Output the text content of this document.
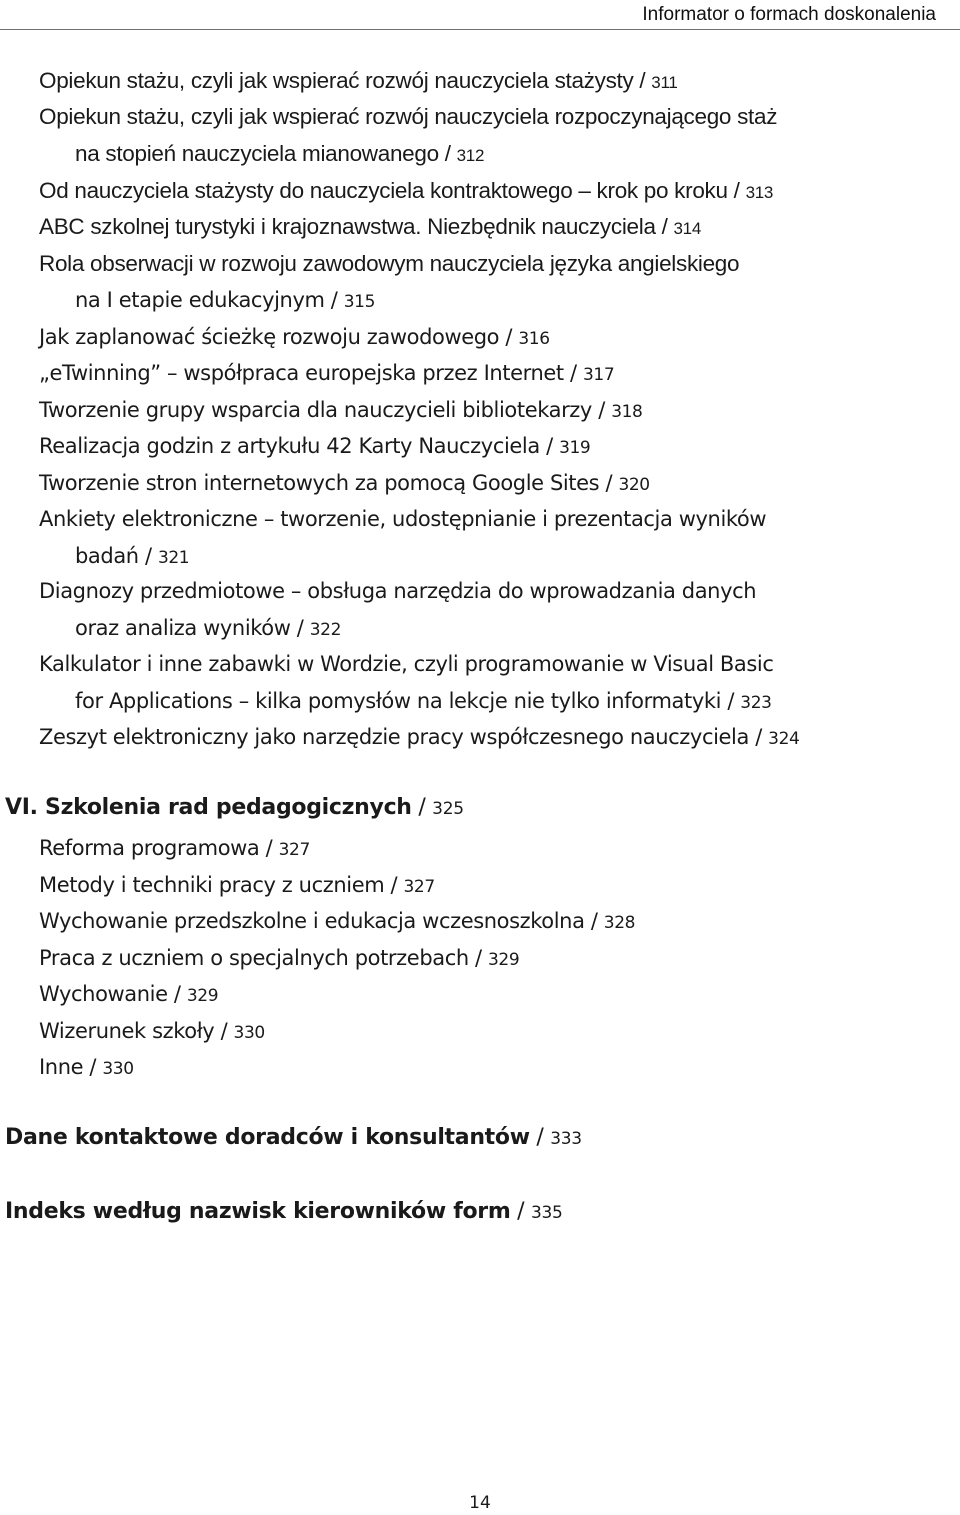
Informator o formach doskonalenia
Opiekun stażu, czyli jak wspierać rozwój nauczyciela stażysty / 311
Opiekun stażu, czyli jak wspierać rozwój nauczyciela rozpoczynającego staż
na stopień nauczyciela mianowanego / 312
Od nauczyciela stażysty do nauczyciela kontraktowego – krok po kroku / 313
ABC szkolnej turystyki i krajoznawstwa. Niezbędnik nauczyciela / 314
Rola obserwacji w rozwoju zawodowym nauczyciela języka angielskiego
na I etapie edukacyjnym / 315
Jak zaplanować ścieżkę rozwoju zawodowego / 316
„eTwinning” – współpraca europejska przez Internet / 317
Tworzenie grupy wsparcia dla nauczycieli bibliotekarzy / 318
Realizacja godzin z artykułu 42 Karty Nauczyciela / 319
Tworzenie stron internetowych za pomocą Google Sites / 320
Ankiety elektroniczne – tworzenie, udostępnianie i prezentacja wyników
badań / 321
Diagnozy przedmiotowe – obsługa narzędzia do wprowadzania danych
oraz analiza wyników / 322
Kalkulator i inne zabawki w Wordzie, czyli programowanie w Visual Basic
for Applications – kilka pomysłów na lekcje nie tylko informatyki / 323
Zeszyt elektroniczny jako narzędzie pracy współczesnego nauczyciela / 324
VI. Szkolenia rad pedagogicznych / 325
Reforma programowa / 327
Metody i techniki pracy z uczniem / 327
Wychowanie przedszkolne i edukacja wczesnoszkolna / 328
Praca z uczniem o specjalnych potrzebach / 329
Wychowanie / 329
Wizerunek szkoły / 330
Inne / 330
Dane kontaktowe doradców i konsultantów / 333
Indeks według nazwisk kierowników form / 335
14
